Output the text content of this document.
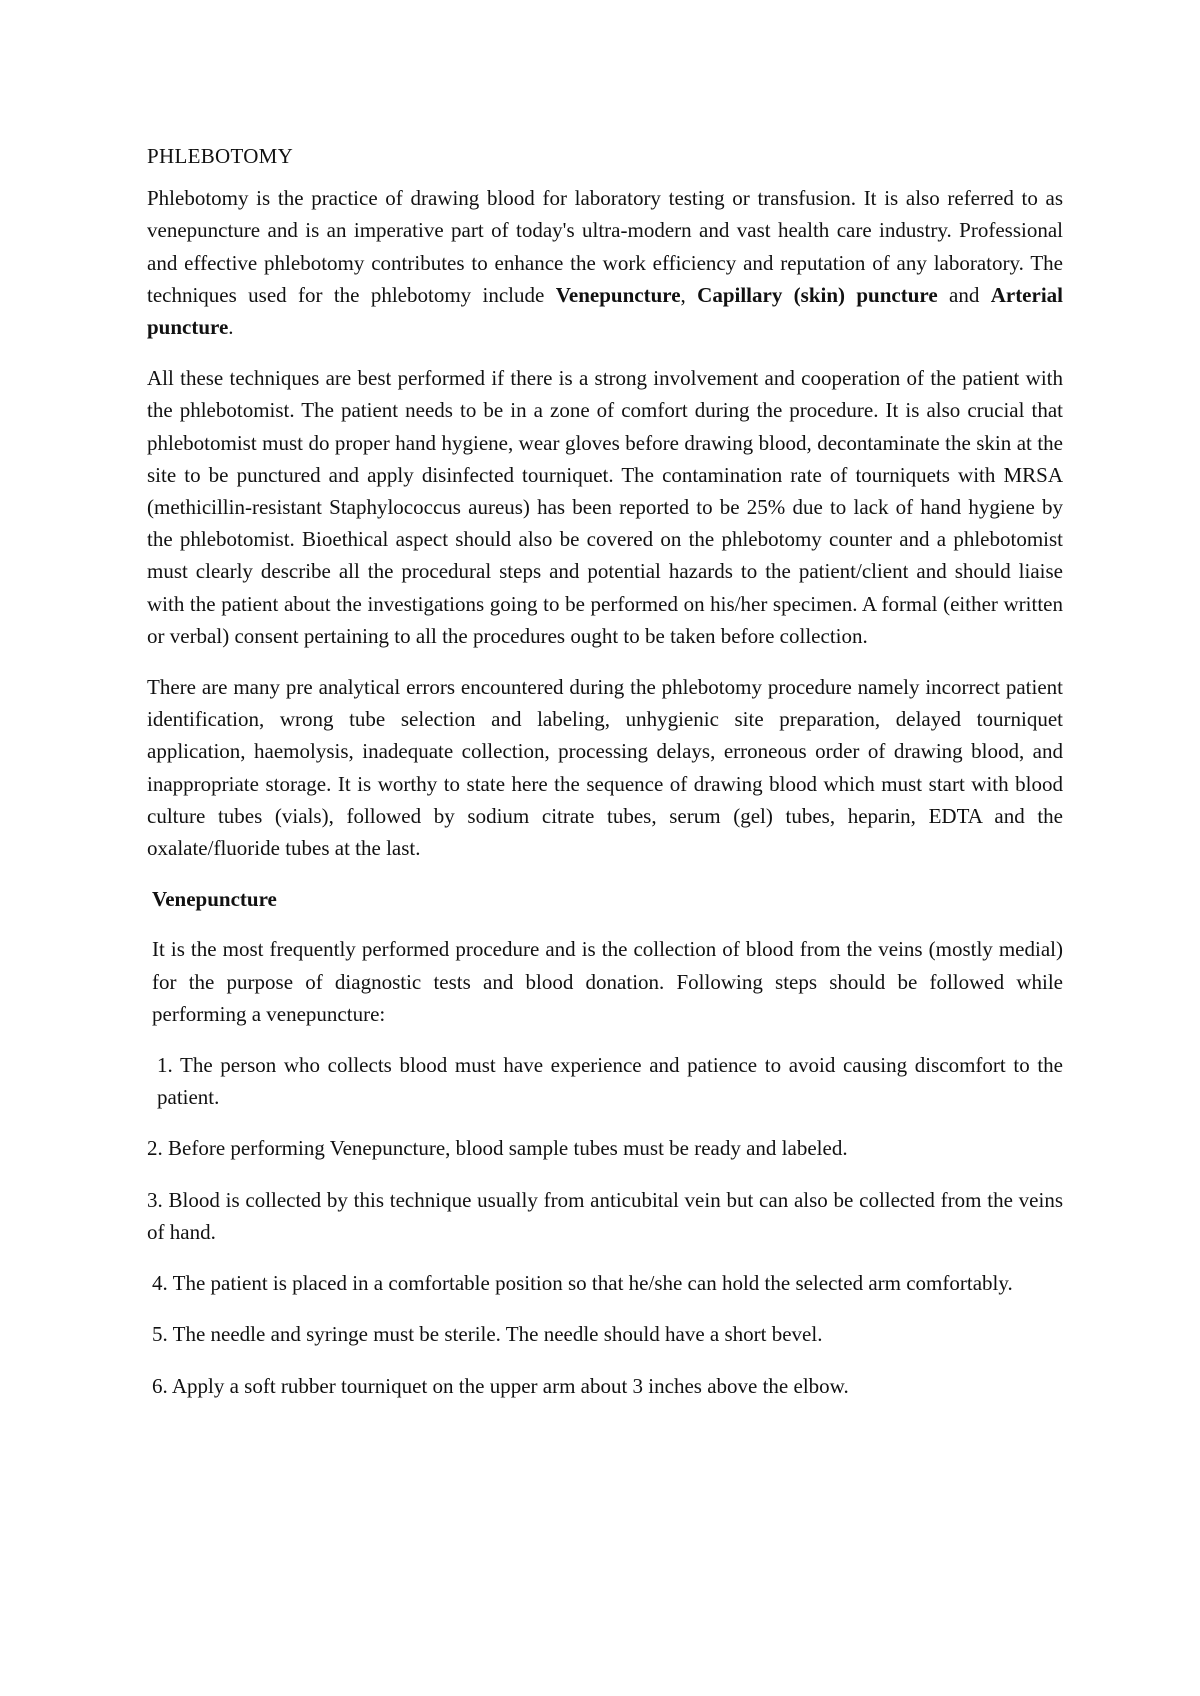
PHLEBOTOMY

Phlebotomy is the practice of drawing blood for laboratory testing or transfusion. It is also referred to as venepuncture and is an imperative part of today's ultra-modern and vast health care industry. Professional and effective phlebotomy contributes to enhance the work efficiency and reputation of any laboratory. The techniques used for the phlebotomy include Venepuncture, Capillary (skin) puncture and Arterial puncture.

All these techniques are best performed if there is a strong involvement and cooperation of the patient with the phlebotomist. The patient needs to be in a zone of comfort during the procedure. It is also crucial that phlebotomist must do proper hand hygiene, wear gloves before drawing blood, decontaminate the skin at the site to be punctured and apply disinfected tourniquet. The contamination rate of tourniquets with MRSA (methicillin-resistant Staphylococcus aureus) has been reported to be 25% due to lack of hand hygiene by the phlebotomist. Bioethical aspect should also be covered on the phlebotomy counter and a phlebotomist must clearly describe all the procedural steps and potential hazards to the patient/client and should liaise with the patient about the investigations going to be performed on his/her specimen. A formal (either written or verbal) consent pertaining to all the procedures ought to be taken before collection.

There are many pre analytical errors encountered during the phlebotomy procedure namely incorrect patient identification, wrong tube selection and labeling, unhygienic site preparation, delayed tourniquet application, haemolysis, inadequate collection, processing delays, erroneous order of drawing blood, and inappropriate storage. It is worthy to state here the sequence of drawing blood which must start with blood culture tubes (vials), followed by sodium citrate tubes, serum (gel) tubes, heparin, EDTA and the oxalate/fluoride tubes at the last.

Venepuncture

It is the most frequently performed procedure and is the collection of blood from the veins (mostly medial) for the purpose of diagnostic tests and blood donation. Following steps should be followed while performing a venepuncture:

1. The person who collects blood must have experience and patience to avoid causing discomfort to the patient.

2. Before performing Venepuncture, blood sample tubes must be ready and labeled.

3. Blood is collected by this technique usually from anticubital vein but can also be collected from the veins of hand.

4. The patient is placed in a comfortable position so that he/she can hold the selected arm comfortably.

5. The needle and syringe must be sterile. The needle should have a short bevel.

6. Apply a soft rubber tourniquet on the upper arm about 3 inches above the elbow.
